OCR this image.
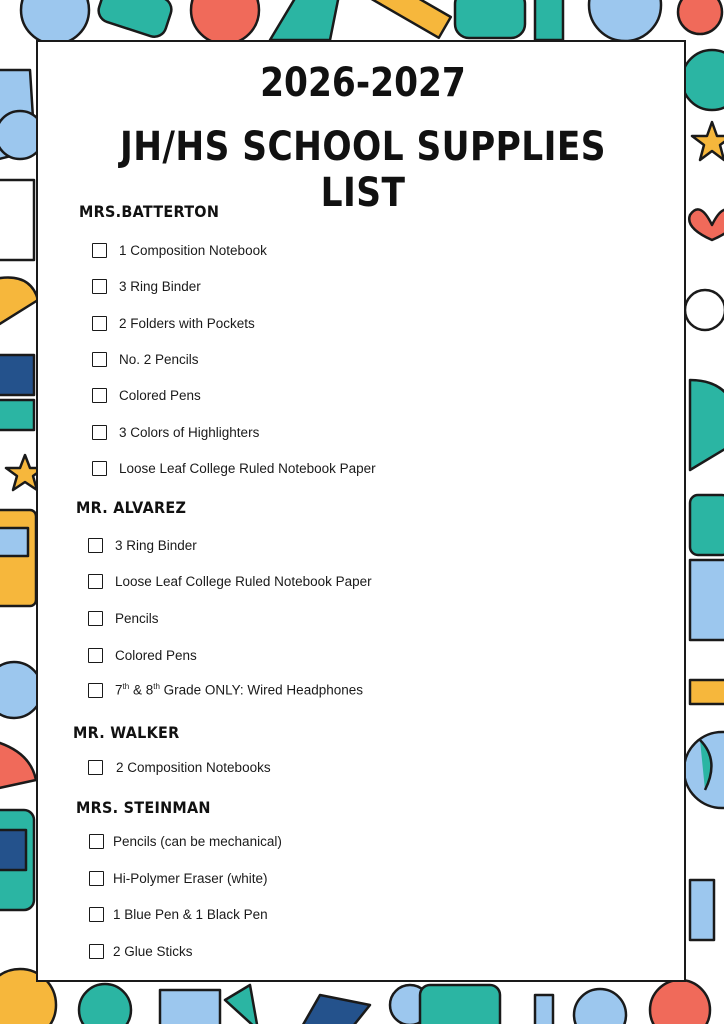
2026-2027
JH/HS SCHOOL SUPPLIES LIST
MRS.BATTERTON
1 Composition Notebook
3 Ring Binder
2 Folders with Pockets
No. 2 Pencils
Colored Pens
3 Colors of Highlighters
Loose Leaf College Ruled Notebook Paper
MR. ALVAREZ
3 Ring Binder
Loose Leaf College Ruled Notebook Paper
Pencils
Colored Pens
7th & 8th Grade ONLY: Wired Headphones
MR. WALKER
2 Composition Notebooks
MRS. STEINMAN
Pencils (can be mechanical)
Hi-Polymer Eraser (white)
1 Blue Pen & 1 Black Pen
2 Glue Sticks
